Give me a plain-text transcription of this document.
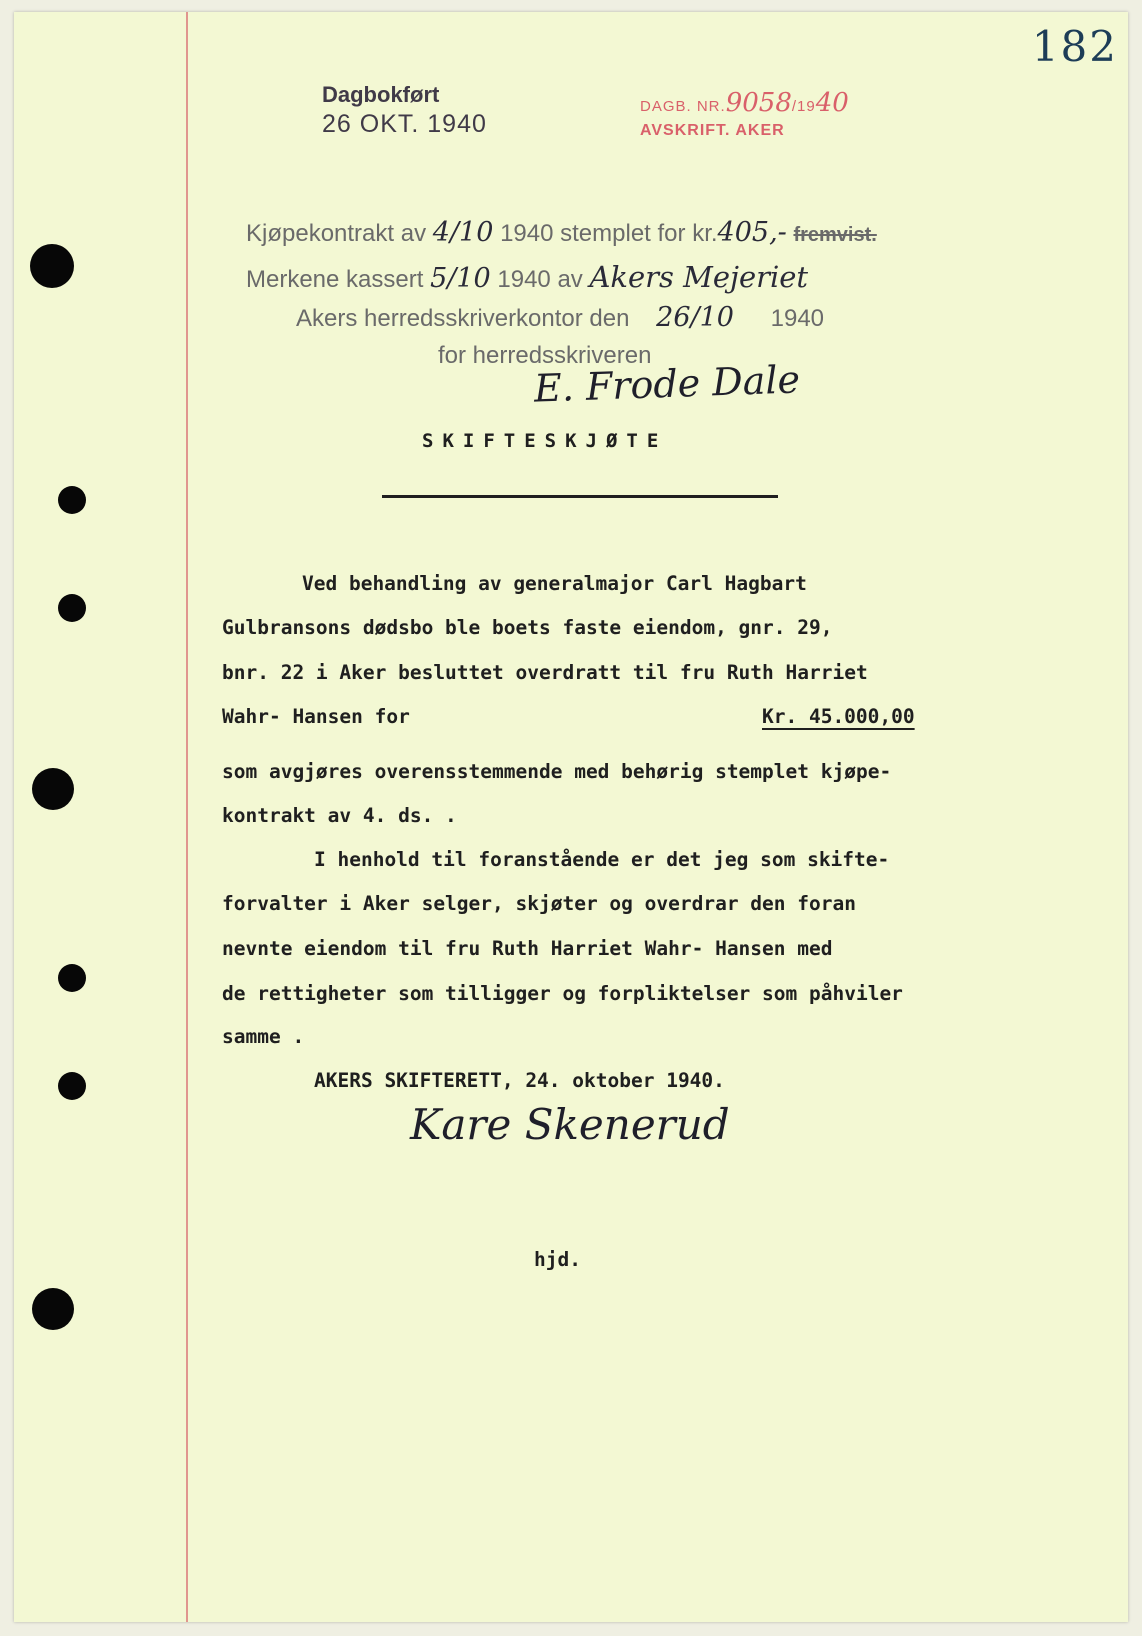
182
Dagbokført
26 OKT. 1940
DAGB. NR.9058/1940
AVSKRIFT. AKER
Kjøpekontrakt av 4/10 1940 stemplet for kr.405,- fremvist.
Merkene kassert 5/10 1940 av Akers Mejeriet
Akers herredsskriverkontor den 26/10 1940
for herredsskriveren
E. Frode Dale
SKIFTESKJØTE
Ved behandling av generalmajor Carl Hagbart
Gulbransons dødsbo ble boets faste eiendom, gnr. 29,
bnr. 22 i Aker besluttet overdratt til fru Ruth Harriet
Wahr- Hansen for	Kr. 45.000,00
som avgjøres overensstemmende med behørig stemplet kjøpe-
kontrakt av 4. ds. .
I henhold til foranstående er det jeg som skifte-
forvalter i Aker selger, skjøter og overdrar den foran
nevnte eiendom til fru Ruth Harriet Wahr- Hansen med
de rettigheter som tilligger og forpliktelser som påhviler
samme .
AKERS SKIFTERETT, 24. oktober 1940.
Kare Skenerud
hjd.
